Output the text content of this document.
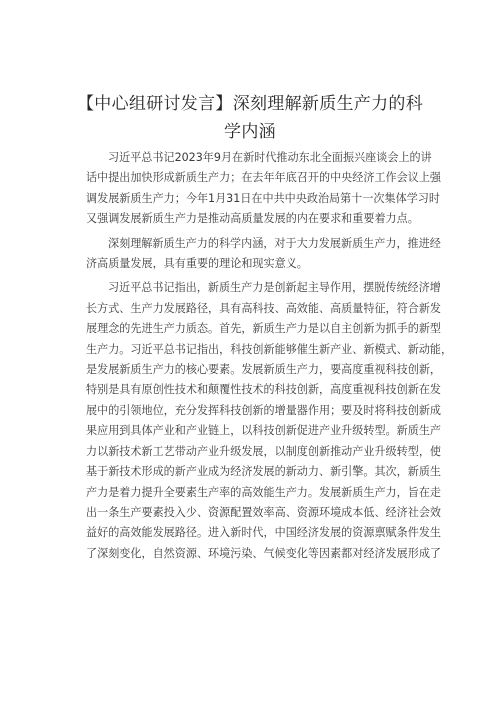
【中心组研讨发言】深刻理解新质生产力的科
学内涵
习近平总书记2023年9月在新时代推动东北全面振兴座谈会上的讲
话中提出加快形成新质生产力；在去年年底召开的中央经济工作会议上强
调发展新质生产力；今年1月31日在中共中央政治局第十一次集体学习时
又强调发展新质生产力是推动高质量发展的内在要求和重要着力点。
深刻理解新质生产力的科学内涵，对于大力发展新质生产力，推进经
济高质量发展，具有重要的理论和现实意义。
习近平总书记指出，新质生产力是创新起主导作用，摆脱传统经济增
长方式、生产力发展路径，具有高科技、高效能、高质量特征，符合新发
展理念的先进生产力质态。首先，新质生产力是以自主创新为抓手的新型
生产力。习近平总书记指出，科技创新能够催生新产业、新模式、新动能，
是发展新质生产力的核心要素。发展新质生产力，要高度重视科技创新，
特别是具有原创性技术和颠覆性技术的科技创新，高度重视科技创新在发
展中的引领地位，充分发挥科技创新的增量器作用；要及时将科技创新成
果应用到具体产业和产业链上，以科技创新促进产业升级转型。新质生产
力以新技术新工艺带动产业升级发展，以制度创新推动产业升级转型，使
基于新技术形成的新产业成为经济发展的新动力、新引擎。其次，新质生
产力是着力提升全要素生产率的高效能生产力。发展新质生产力，旨在走
出一条生产要素投入少、资源配置效率高、资源环境成本低、经济社会效
益好的高效能发展路径。进入新时代，中国经济发展的资源禀赋条件发生
了深刻变化，自然资源、环境污染、气候变化等因素都对经济发展形成了
